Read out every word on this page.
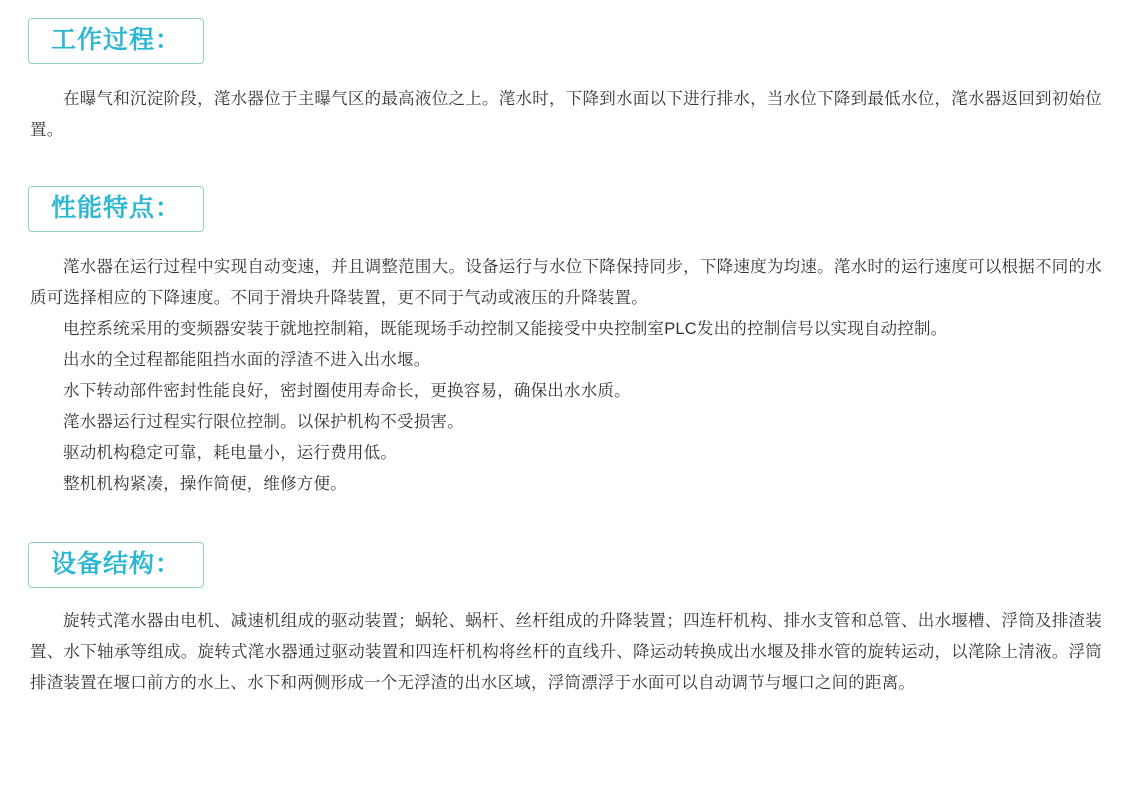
工作过程：

在曝气和沉淀阶段，滗水器位于主曝气区的最高液位之上。滗水时，下降到水面以下进行排水，当水位下降到最低水位，滗水器返回到初始位置。

性能特点：

滗水器在运行过程中实现自动变速，并且调整范围大。设备运行与水位下降保持同步，下降速度为均速。滗水时的运行速度可以根据不同的水质可选择相应的下降速度。不同于滑块升降装置，更不同于气动或液压的升降装置。

电控系统采用的变频器安装于就地控制箱，既能现场手动控制又能接受中央控制室PLC发出的控制信号以实现自动控制。

出水的全过程都能阻挡水面的浮渣不进入出水堰。

水下转动部件密封性能良好，密封圈使用寿命长，更换容易，确保出水水质。

滗水器运行过程实行限位控制。以保护机构不受损害。

驱动机构稳定可靠，耗电量小，运行费用低。

整机机构紧凑，操作简便，维修方便。

设备结构：

旋转式滗水器由电机、减速机组成的驱动装置；蜗轮、蜗杆、丝杆组成的升降装置；四连杆机构、排水支管和总管、出水堰槽、浮筒及排渣装置、水下轴承等组成。旋转式滗水器通过驱动装置和四连杆机构将丝杆的直线升、降运动转换成出水堰及排水管的旋转运动，以滗除上清液。浮筒排渣装置在堰口前方的水上、水下和两侧形成一个无浮渣的出水区域，浮筒漂浮于水面可以自动调节与堰口之间的距离。
